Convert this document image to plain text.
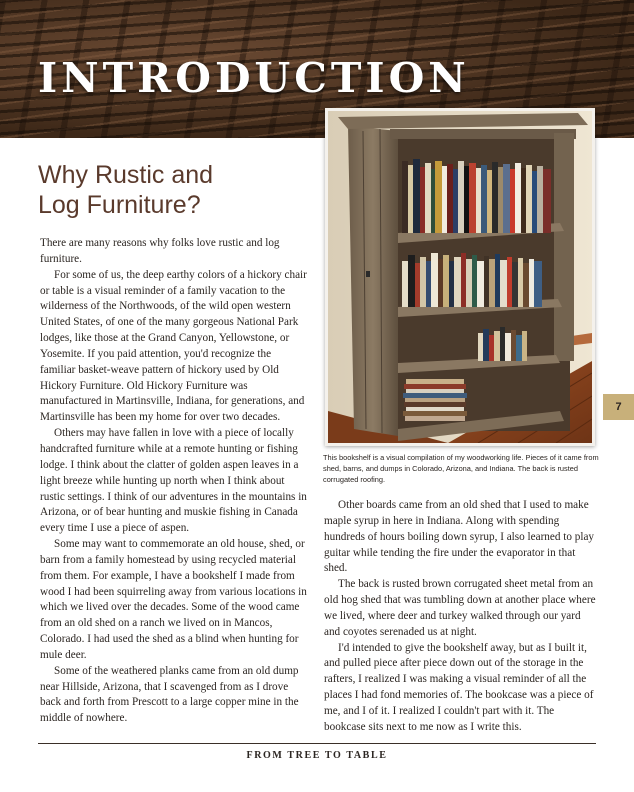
INTRODUCTION

This bookshelf is a visual compilation of my woodworking life. Pieces of it came from shed, barns, and dumps in Colorado, Arizona, and Indiana. The back is rusted corrugated roofing.

Why Rustic and
Log Furniture?

There are many reasons why folks love rustic and log furniture.

For some of us, the deep earthy colors of a hickory chair or table is a visual reminder of a family vacation to the wilderness of the Northwoods, of the wild open western United States, of one of the many gorgeous National Park lodges, like those at the Grand Canyon, Yellowstone, or Yosemite. If you paid attention, you'd recognize the familiar basket-weave pattern of hickory used by Old Hickory Furniture. Old Hickory Furniture was manufactured in Martinsville, Indiana, for generations, and Martinsville has been my home for over two decades.

Others may have fallen in love with a piece of locally handcrafted furniture while at a remote hunting or fishing lodge. I think about the clatter of golden aspen leaves in a light breeze while hunting up north when I think about rustic settings. I think of our adventures in the mountains in Arizona, or of bear hunting and muskie fishing in Canada every time I use a piece of aspen.

Some may want to commemorate an old house, shed, or barn from a family homestead by using recycled material from them. For example, I have a bookshelf I made from wood I had been squirreling away from various locations in which we lived over the decades. Some of the wood came from an old shed on a ranch we lived on in Mancos, Colorado. I had used the shed as a blind when hunting for mule deer.

Some of the weathered planks came from an old dump near Hillside, Arizona, that I scavenged from as I drove back and forth from Prescott to a large copper mine in the middle of nowhere.

Other boards came from an old shed that I used to make maple syrup in here in Indiana. Along with spending hundreds of hours boiling down syrup, I also learned to play guitar while tending the fire under the evaporator in that shed.

The back is rusted brown corrugated sheet metal from an old hog shed that was tumbling down at another place where we lived, where deer and turkey walked through our yard and coyotes serenaded us at night.

I'd intended to give the bookshelf away, but as I built it, and pulled piece after piece down out of the storage in the rafters, I realized I was making a visual reminder of all the places I had fond memories of. The bookcase was a piece of me, and I of it. I realized I couldn't part with it. The bookcase sits next to me now as I write this.

7

FROM TREE TO TABLE
